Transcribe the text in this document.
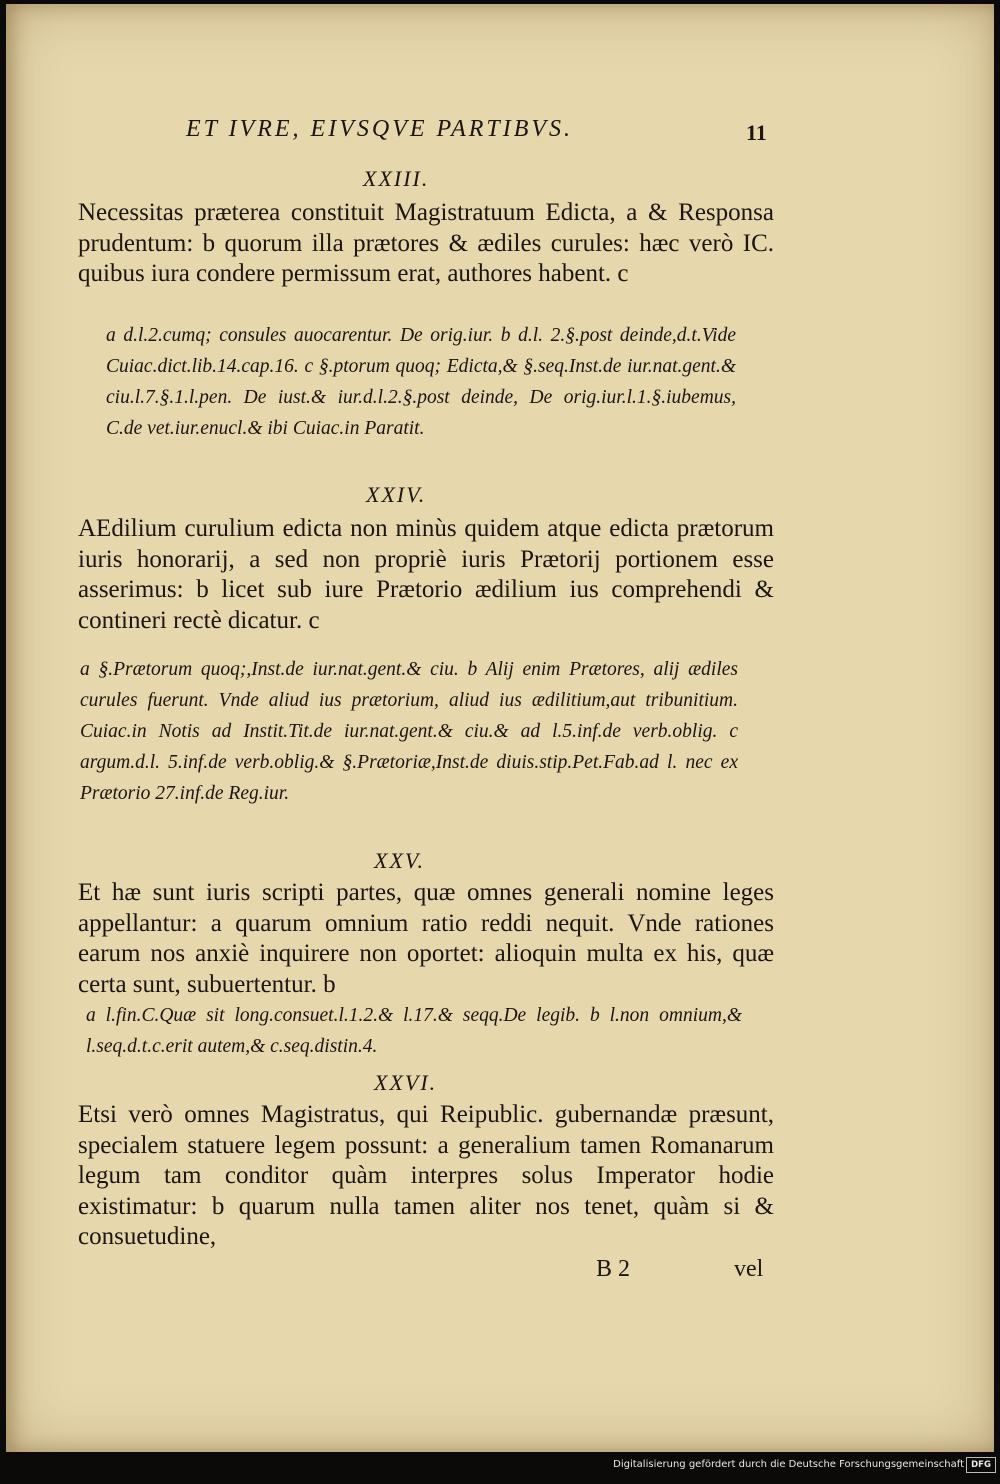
ET IVRE, EIVSQVE PARTIBVS.	11
XXIII.
Necessitas præterea constituit Magistratuum Edicta, a & Responsa prudentum: b quorum illa prætores & ædiles curules: hæc verò IC. quibus iura condere permissum erat, authores habent. c
a d.l.2.cumq; consules auocarentur. De orig.iur. b d.l. 2.§.post deinde,d.t.Vide Cuiac.dict.lib.14.cap.16. c §.ptorum quoq; Edicta,& §.seq.Inst.de iur.nat.gent.& ciu.l.7.§.1.l.pen. De iust.& iur.d.l.2.§.post deinde, De orig.iur.l.1.§.iubemus, C.de vet.iur.enucl.& ibi Cuiac.in Paratit.
XXIV.
AEdilium curulium edicta non minùs quidem atque edicta prætorum iuris honorarij, a sed non propriè iuris Prætorij portionem esse asserimus: b licet sub iure Prætorio ædilium ius comprehendi & contineri rectè dicatur. c
a §.Prætorum quoq;,Inst.de iur.nat.gent.& ciu. b Alij enim Prætores, alij ædiles curules fuerunt. Vnde aliud ius prætorium, aliud ius ædilitium,aut tribunitium. Cuiac.in Notis ad Instit.Tit.de iur.nat.gent.& ciu.& ad l.5.inf.de verb.oblig. c argum.d.l. 5.inf.de verb.oblig.& §.Prætoriæ,Inst.de diuis.stip.Pet.Fab.ad l. nec ex Prætorio 27.inf.de Reg.iur.
XXV.
Et hæ sunt iuris scripti partes, quæ omnes generali nomine leges appellantur: a quarum omnium ratio reddi nequit. Vnde rationes earum nos anxiè inquirere non oportet: alioquin multa ex his, quæ certa sunt, subuertentur. b
a l.fin.C.Quæ sit long.consuet.l.1.2.& l.17.& seqq.De legib. b l.non omnium,& l.seq.d.t.c.erit autem,& c.seq.distin.4.
XXVI.
Etsi verò omnes Magistratus, qui Reipublic. gubernandæ præsunt, specialem statuere legem possunt: a generalium tamen Romanarum legum tam conditor quàm interpres solus Imperator hodie existimatur: b quarum nulla tamen aliter nos tenet, quàm si & consuetudine,
B 2	vel
Digitalisierung gefördert durch die Deutsche Forschungsgemeinschaft DFG
